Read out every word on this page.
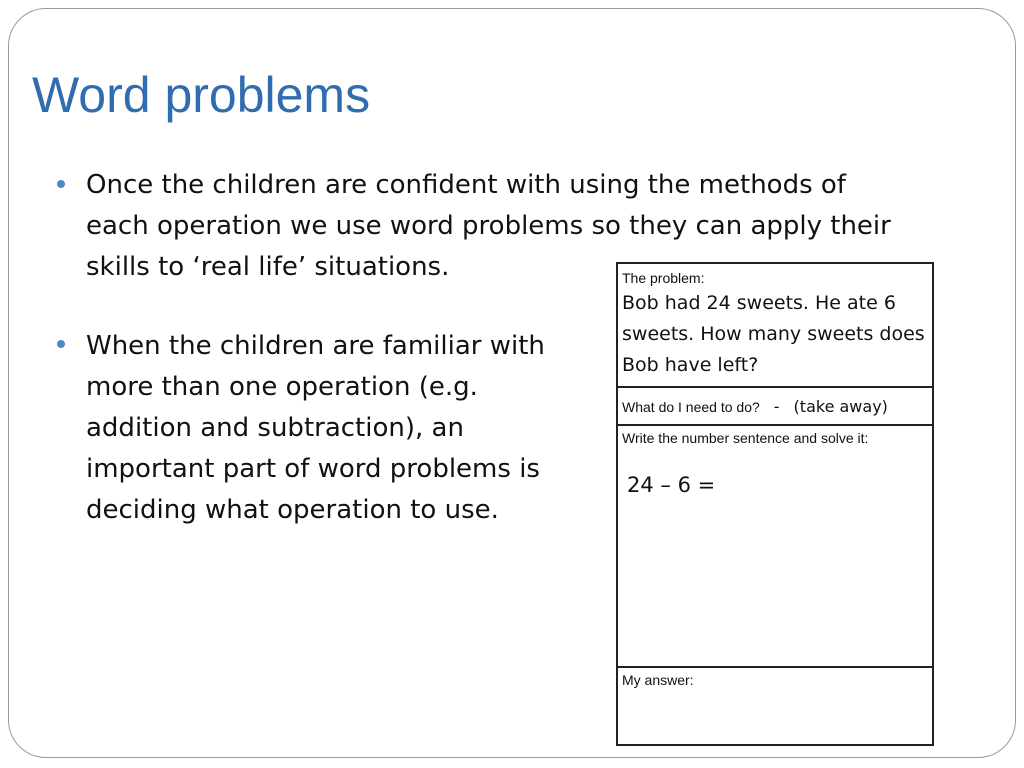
Word problems
Once the children are confident with using the methods of each operation we use word problems so they can apply their skills to ‘real life’ situations.
When the children are familiar with more than one operation (e.g. addition and subtraction), an important part of word problems is deciding what operation to use.
The problem:
Bob had 24 sweets. He ate 6 sweets. How many sweets does Bob have left?
What do I need to do? - (take away)
Write the number sentence and solve it:
24 – 6 =
My answer:
